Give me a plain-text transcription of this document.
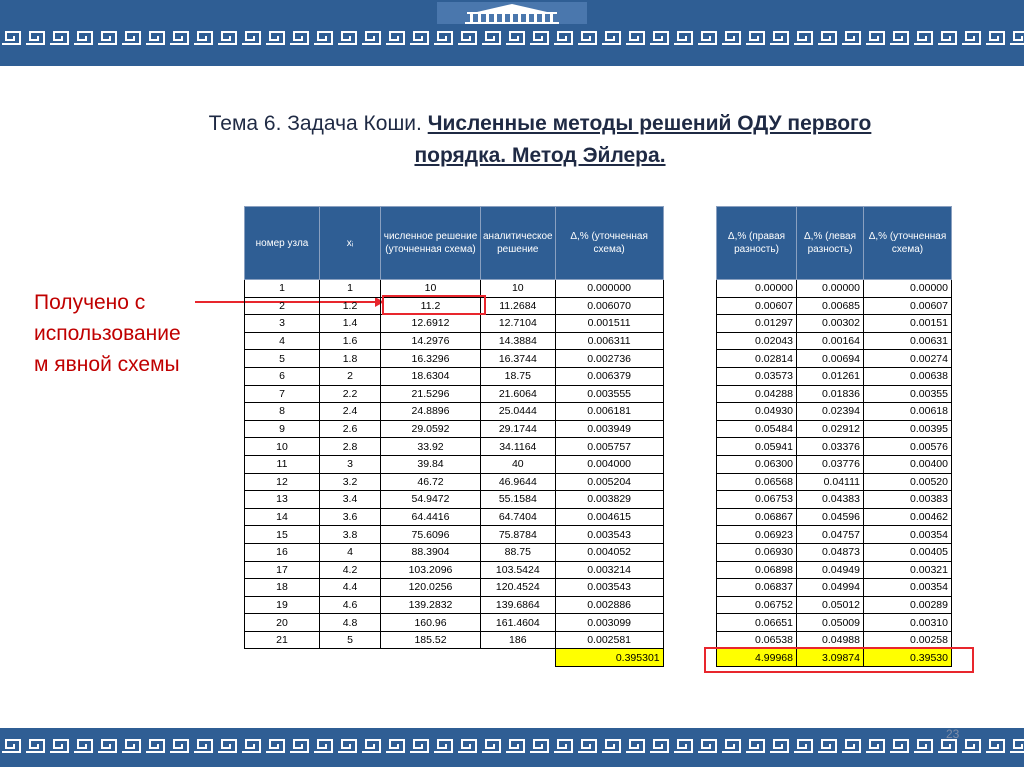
Тема 6. Задача Коши. Численные методы решений ОДУ первого
порядка. Метод Эйлера.
Получено с
использование
м явной схемы
номер узла	xᵢ	численное решение (уточненная схема)	аналитическое решение	Δ,% (уточненная схема)
1	1	10	10	0.000000
2	1.2	11.2	11.2684	0.006070
3	1.4	12.6912	12.7104	0.001511
4	1.6	14.2976	14.3884	0.006311
5	1.8	16.3296	16.3744	0.002736
6	2	18.6304	18.75	0.006379
7	2.2	21.5296	21.6064	0.003555
8	2.4	24.8896	25.0444	0.006181
9	2.6	29.0592	29.1744	0.003949
10	2.8	33.92	34.1164	0.005757
11	3	39.84	40	0.004000
12	3.2	46.72	46.9644	0.005204
13	3.4	54.9472	55.1584	0.003829
14	3.6	64.4416	64.7404	0.004615
15	3.8	75.6096	75.8784	0.003543
16	4	88.3904	88.75	0.004052
17	4.2	103.2096	103.5424	0.003214
18	4.4	120.0256	120.4524	0.003543
19	4.6	139.2832	139.6864	0.002886
20	4.8	160.96	161.4604	0.003099
21	5	185.52	186	0.002581
				0.395301
Δ,% (правая разность)	Δ,% (левая разность)	Δ,% (уточненная схема)
0.00000	0.00000	0.00000
0.00607	0.00685	0.00607
0.01297	0.00302	0.00151
0.02043	0.00164	0.00631
0.02814	0.00694	0.00274
0.03573	0.01261	0.00638
0.04288	0.01836	0.00355
0.04930	0.02394	0.00618
0.05484	0.02912	0.00395
0.05941	0.03376	0.00576
0.06300	0.03776	0.00400
0.06568	0.04111	0.00520
0.06753	0.04383	0.00383
0.06867	0.04596	0.00462
0.06923	0.04757	0.00354
0.06930	0.04873	0.00405
0.06898	0.04949	0.00321
0.06837	0.04994	0.00354
0.06752	0.05012	0.00289
0.06651	0.05009	0.00310
0.06538	0.04988	0.00258
4.99968	3.09874	0.39530
23
